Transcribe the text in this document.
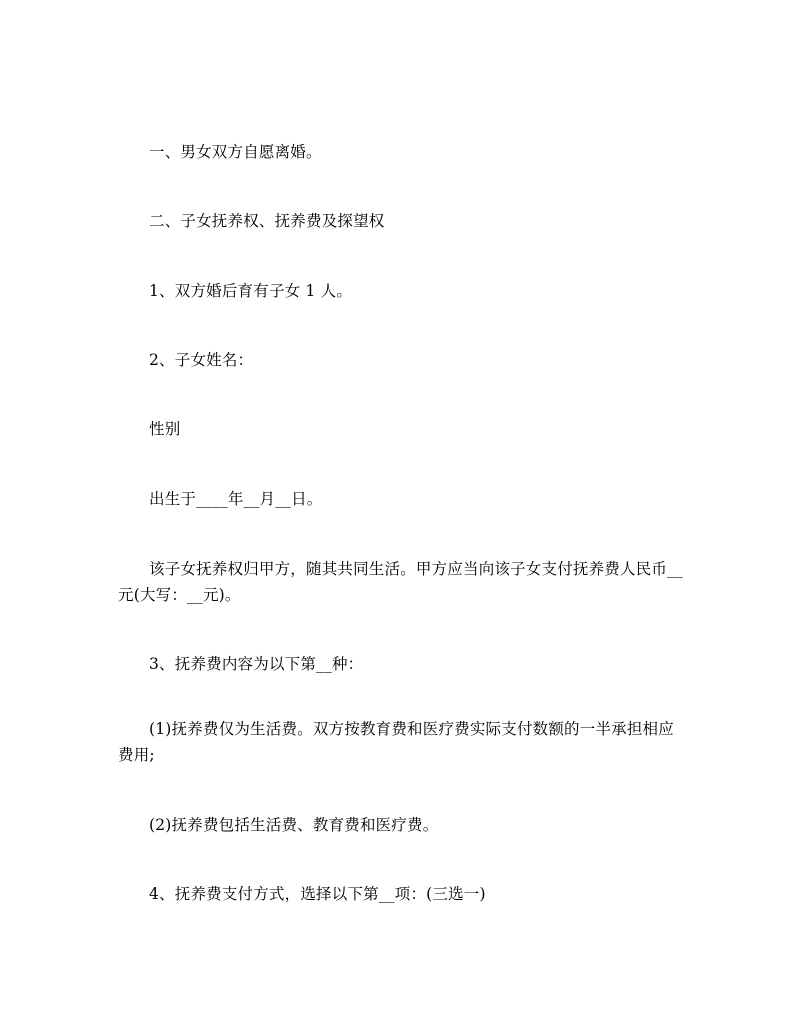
一、男女双方自愿离婚。

二、子女抚养权、抚养费及探望权

1、双方婚后育有子女 1 人。

2、子女姓名：

性别

出生于____年__月__日。

该子女抚养权归甲方，随其共同生活。甲方应当向该子女支付抚养费人民币__元(大写：__元)。

3、抚养费内容为以下第__种：

(1)抚养费仅为生活费。双方按教育费和医疗费实际支付数额的一半承担相应费用;

(2)抚养费包括生活费、教育费和医疗费。

4、抚养费支付方式，选择以下第__项：(三选一)
